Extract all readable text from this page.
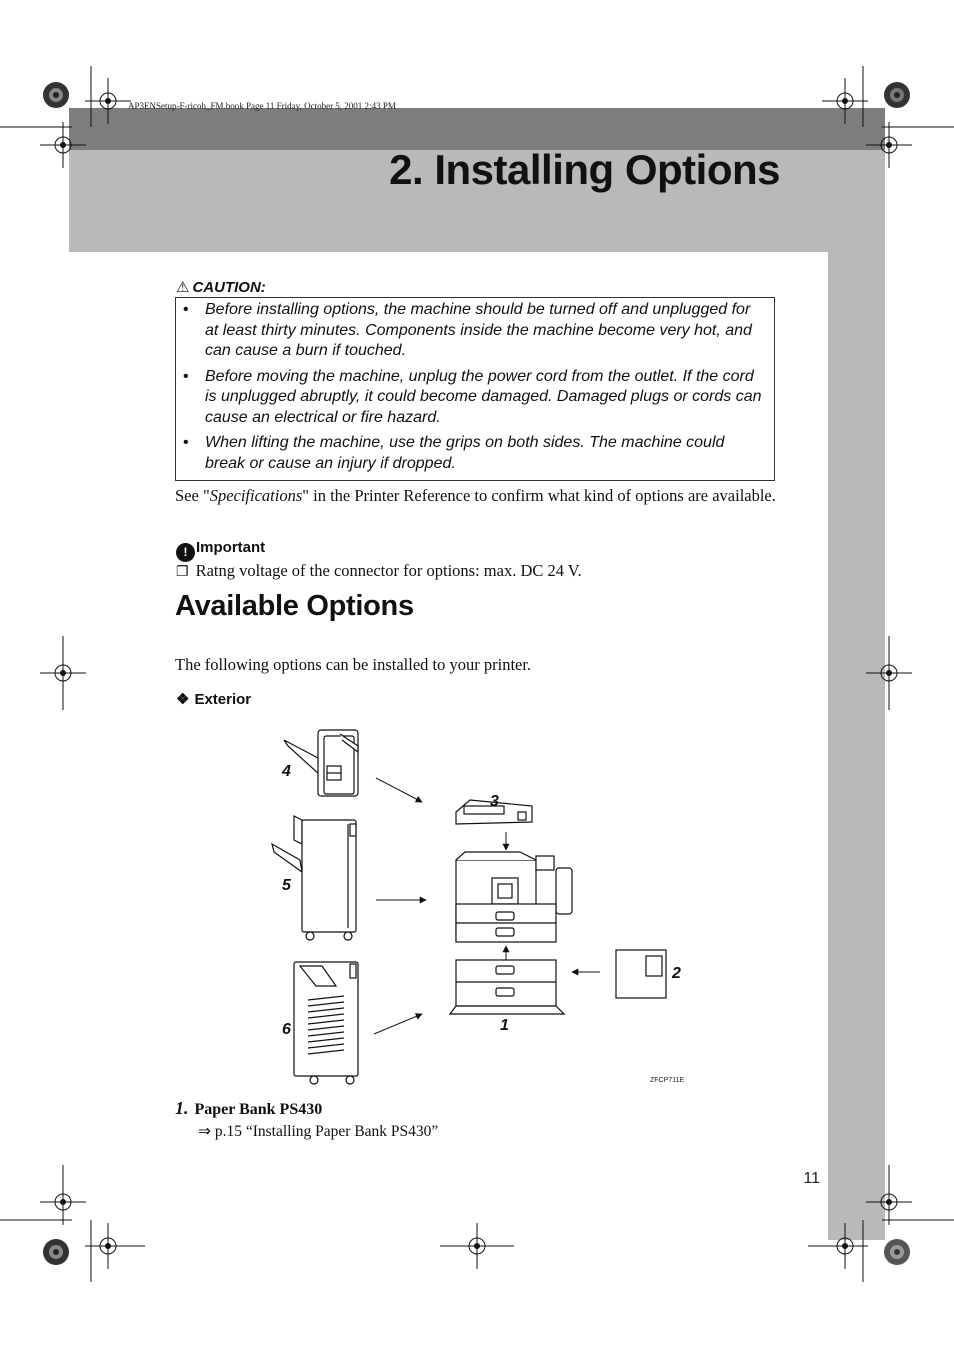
AP3ENSetup-F-ricoh_FM.book Page 11 Friday, October 5, 2001 2:43 PM
2. Installing Options
⚠ CAUTION:
• Before installing options, the machine should be turned off and unplugged for at least thirty minutes. Components inside the machine become very hot, and can cause a burn if touched.
• Before moving the machine, unplug the power cord from the outlet. If the cord is unplugged abruptly, it could become damaged. Damaged plugs or cords can cause an electrical or fire hazard.
• When lifting the machine, use the grips on both sides. The machine could break or cause an injury if dropped.
See "Specifications" in the Printer Reference to confirm what kind of options are available.
! Important
❐ Ratng voltage of the connector for options: max. DC 24 V.
Available Options
The following options can be installed to your printer.
❖ Exterior
1
2
3
4
5
6
ZFCP711E
1. Paper Bank PS430
⇒ p.15 “Installing Paper Bank PS430”
11
